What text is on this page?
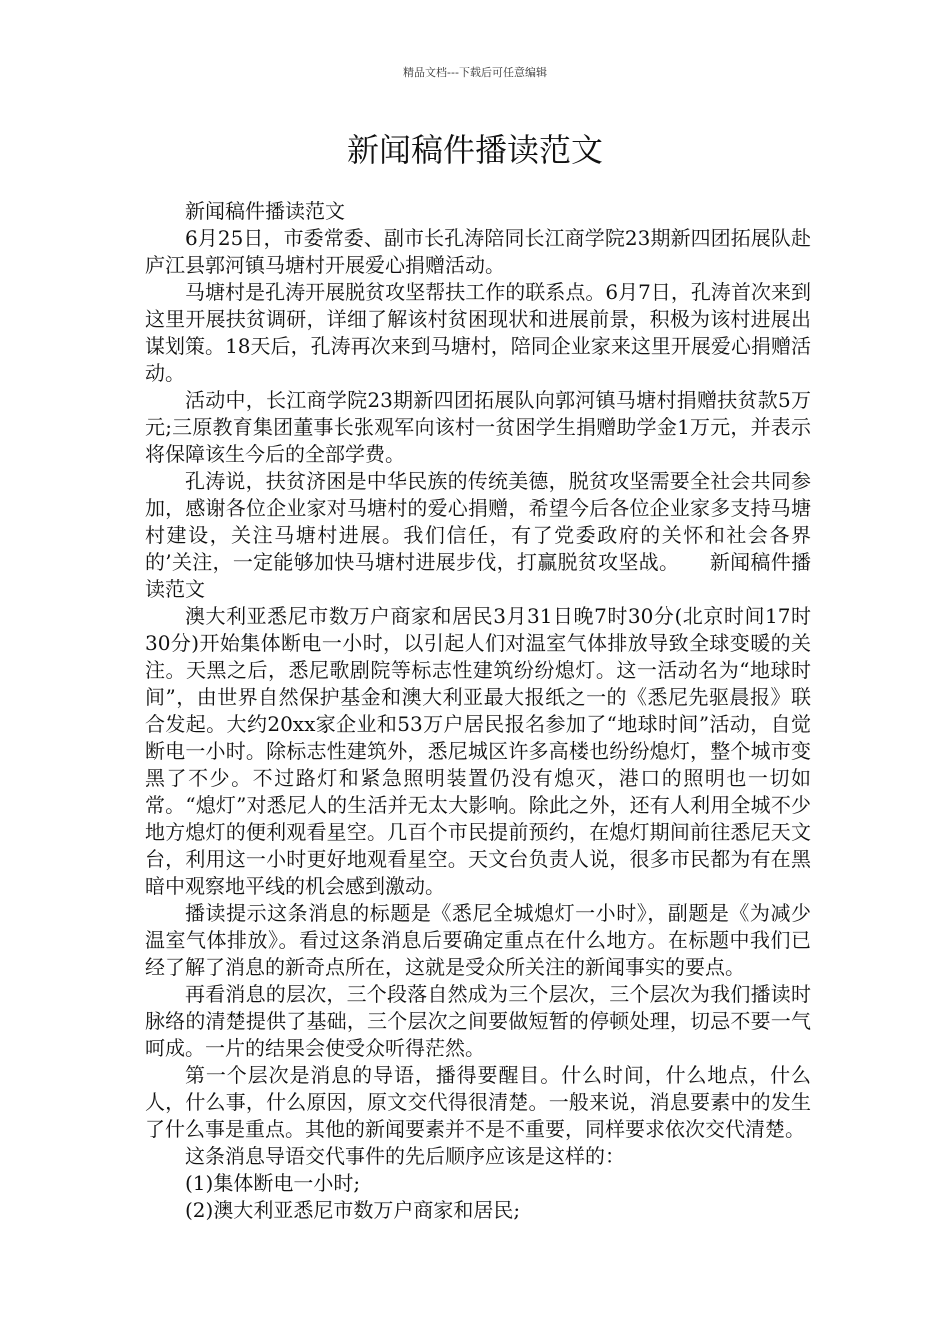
精品文档---下载后可任意编辑
新闻稿件播读范文

新闻稿件播读范文

6月25日，市委常委、副市长孔涛陪同长江商学院23期新四团拓展队赴庐江县郭河镇马塘村开展爱心捐赠活动。

马塘村是孔涛开展脱贫攻坚帮扶工作的联系点。6月7日，孔涛首次来到这里开展扶贫调研，详细了解该村贫困现状和进展前景，积极为该村进展出谋划策。18天后，孔涛再次来到马塘村，陪同企业家来这里开展爱心捐赠活动。

活动中，长江商学院23期新四团拓展队向郭河镇马塘村捐赠扶贫款5万元;三原教育集团董事长张观军向该村一贫困学生捐赠助学金1万元，并表示将保障该生今后的全部学费。

孔涛说，扶贫济困是中华民族的传统美德，脱贫攻坚需要全社会共同参加，感谢各位企业家对马塘村的爱心捐赠，希望今后各位企业家多支持马塘村建设，关注马塘村进展。我们信任，有了党委政府的关怀和社会各界的’关注，一定能够加快马塘村进展步伐，打赢脱贫攻坚战。　　新闻稿件播读范文

澳大利亚悉尼市数万户商家和居民3月31日晚7时30分(北京时间17时30分)开始集体断电一小时，以引起人们对温室气体排放导致全球变暖的关注。天黑之后，悉尼歌剧院等标志性建筑纷纷熄灯。这一活动名为“地球时间”，由世界自然保护基金和澳大利亚最大报纸之一的《悉尼先驱晨报》联合发起。大约20xx家企业和53万户居民报名参加了“地球时间”活动，自觉断电一小时。除标志性建筑外，悉尼城区许多高楼也纷纷熄灯，整个城市变黑了不少。不过路灯和紧急照明装置仍没有熄灭，港口的照明也一切如常。“熄灯”对悉尼人的生活并无太大影响。除此之外，还有人利用全城不少地方熄灯的便利观看星空。几百个市民提前预约，在熄灯期间前往悉尼天文台，利用这一小时更好地观看星空。天文台负责人说，很多市民都为有在黑暗中观察地平线的机会感到激动。

播读提示这条消息的标题是《悉尼全城熄灯一小时》，副题是《为减少温室气体排放》。看过这条消息后要确定重点在什么地方。在标题中我们已经了解了消息的新奇点所在，这就是受众所关注的新闻事实的要点。

再看消息的层次，三个段落自然成为三个层次，三个层次为我们播读时脉络的清楚提供了基础，三个层次之间要做短暂的停顿处理，切忌不要一气呵成。一片的结果会使受众听得茫然。

第一个层次是消息的导语，播得要醒目。什么时间，什么地点，什么人，什么事，什么原因，原文交代得很清楚。一般来说，消息要素中的发生了什么事是重点。其他的新闻要素并不是不重要，同样要求依次交代清楚。

这条消息导语交代事件的先后顺序应该是这样的：

(1)集体断电一小时;

(2)澳大利亚悉尼市数万户商家和居民;
